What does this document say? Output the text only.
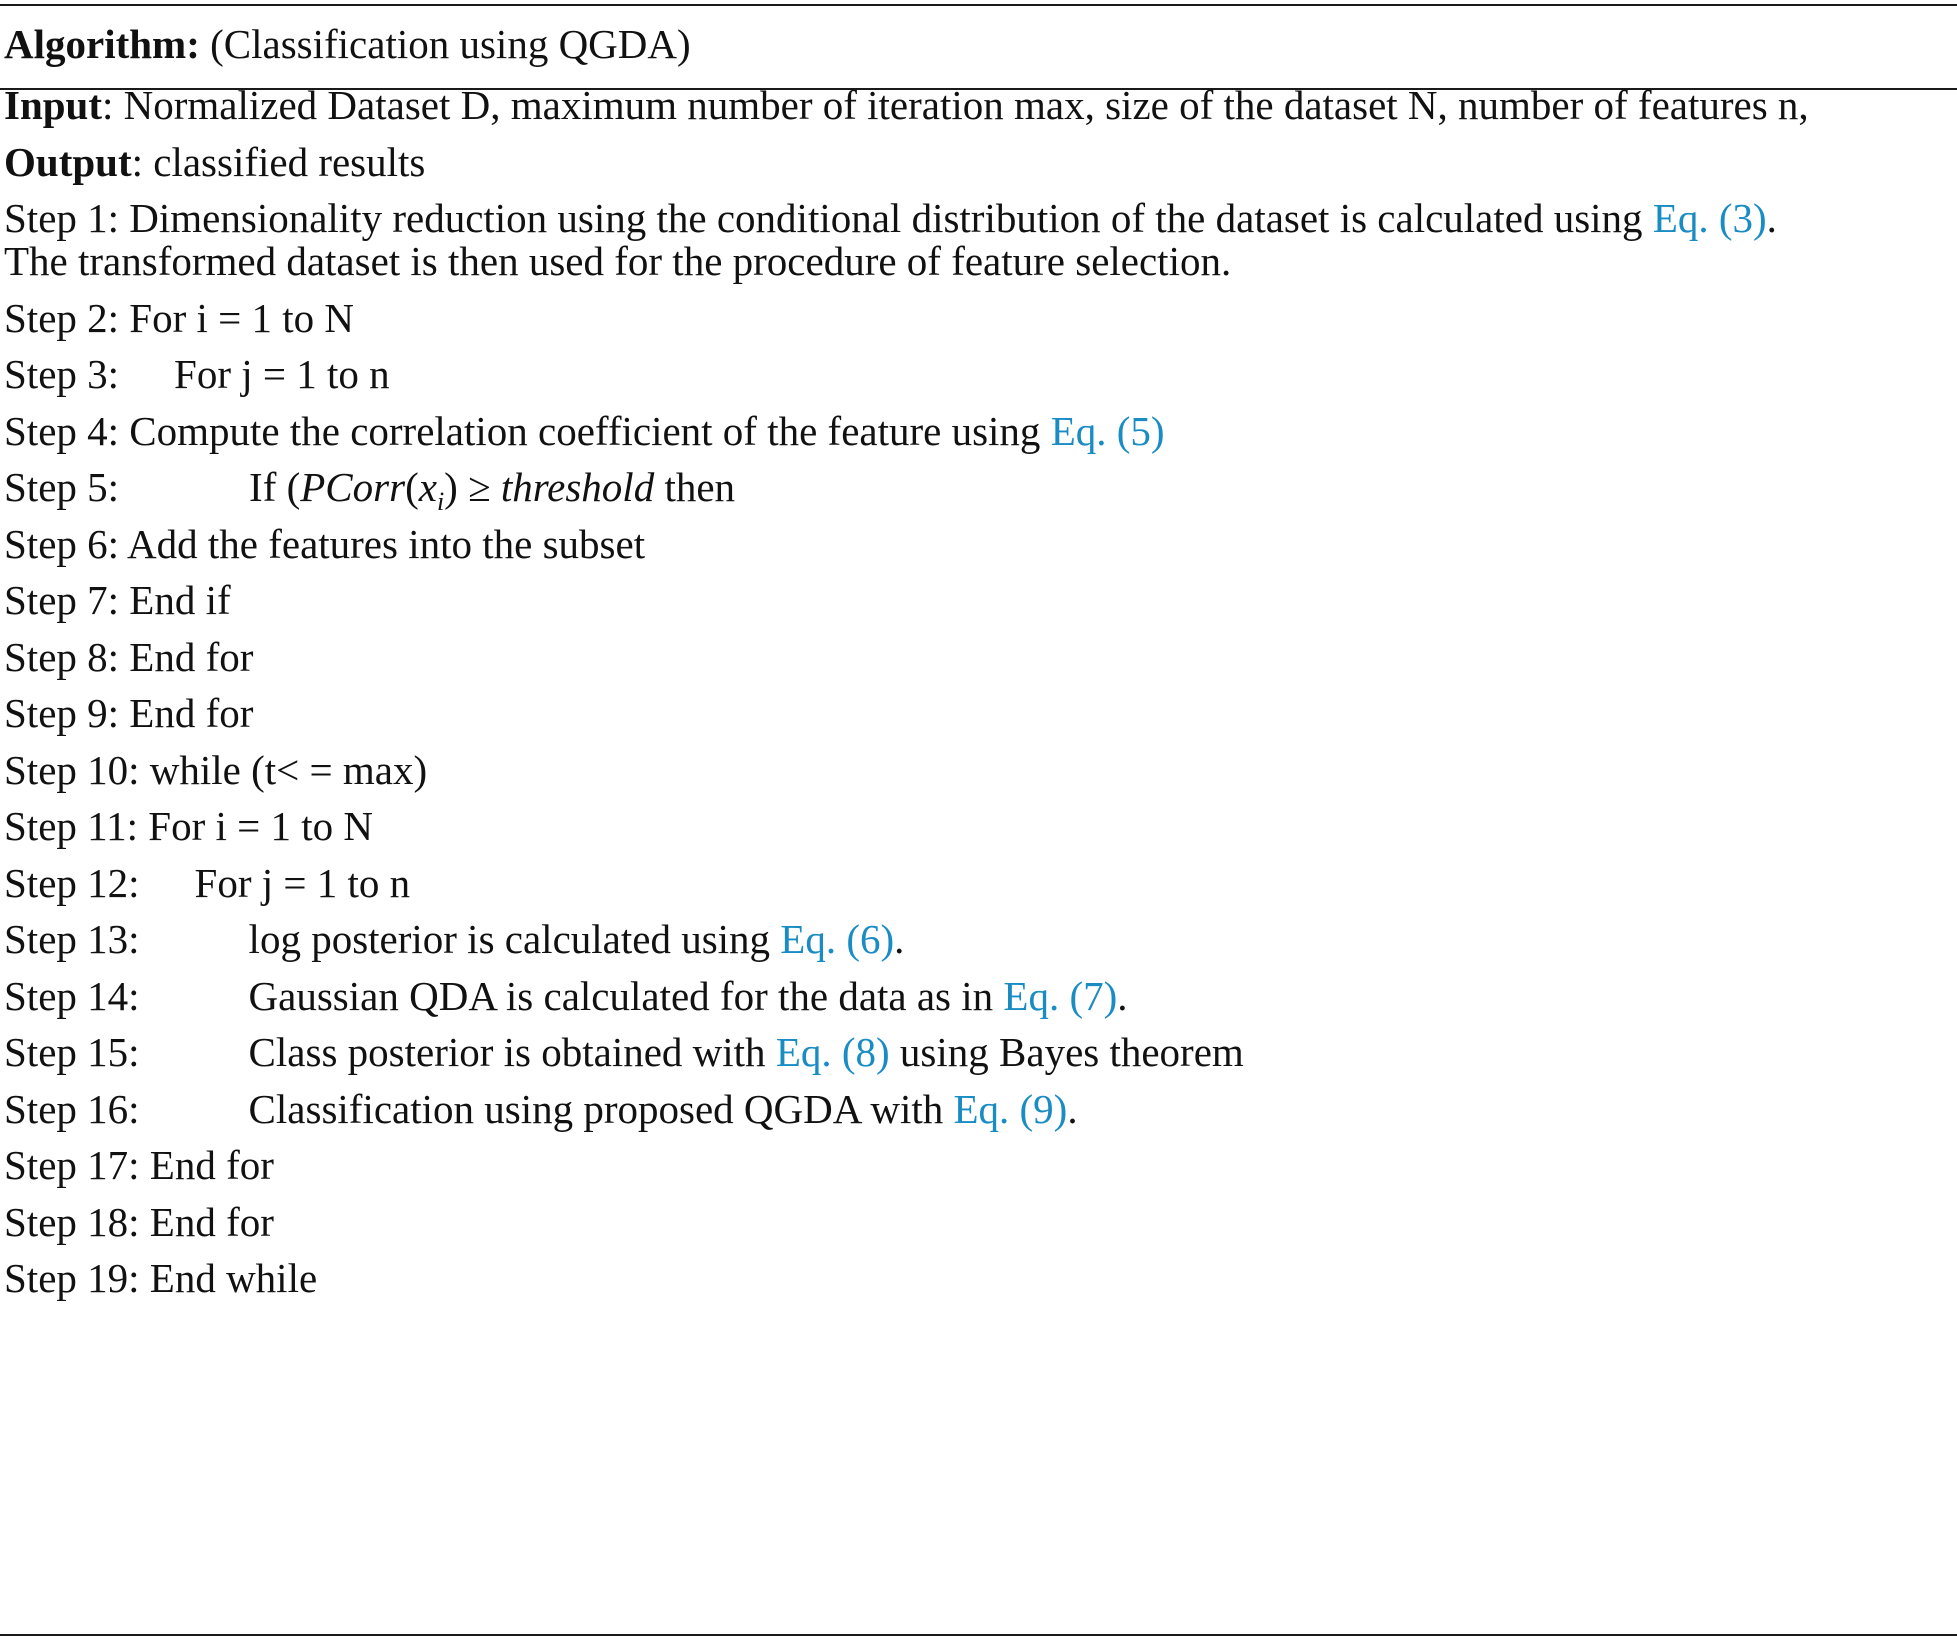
Algorithm: (Classification using QGDA)
Input: Normalized Dataset D, maximum number of iteration max, size of the dataset N, number of features n,
Output: classified results
Step 1: Dimensionality reduction using the conditional distribution of the dataset is calculated using Eq. (3).
The transformed dataset is then used for the procedure of feature selection.
Step 2: For i = 1 to N
Step 3: For j = 1 to n
Step 4: Compute the correlation coefficient of the feature using Eq. (5)
Step 5:	If ($PCorr(x_i)$ ≥ threshold then
Step 6: Add the features into the subset
Step 7: End if
Step 8: End for
Step 9: End for
Step 10: while (t< = max)
Step 11: For i = 1 to N
Step 12: For j = 1 to n
Step 13:	log posterior is calculated using Eq. (6).
Step 14:	Gaussian QDA is calculated for the data as in Eq. (7).
Step 15:	Class posterior is obtained with Eq. (8) using Bayes theorem
Step 16:	Classification using proposed QGDA with Eq. (9).
Step 17: End for
Step 18: End for
Step 19: End while
